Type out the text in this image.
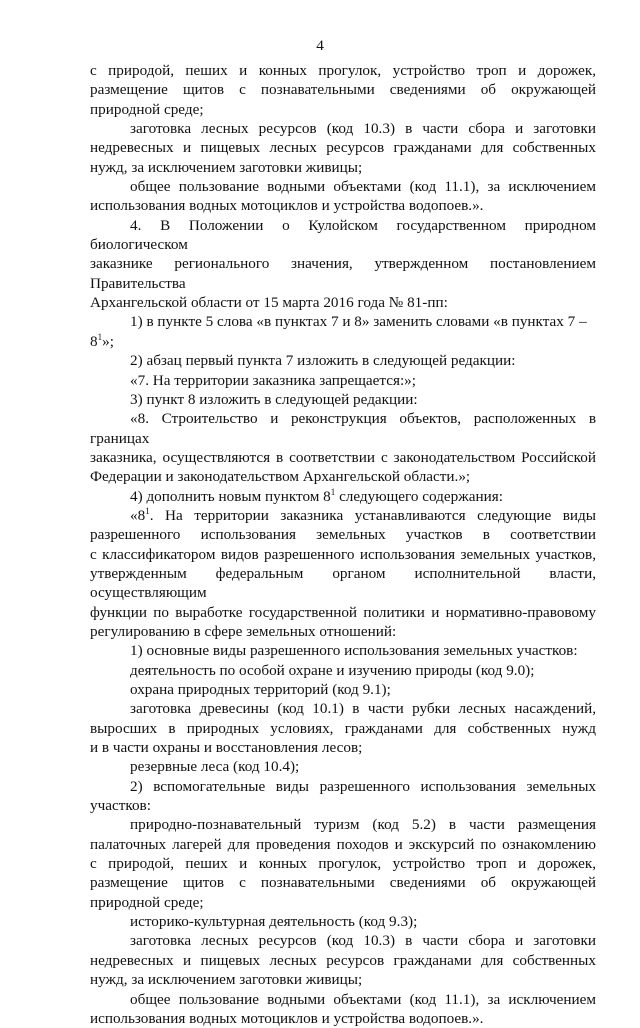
4
с природой, пеших и конных прогулок, устройство троп и дорожек,
размещение щитов с познавательными сведениями об окружающей
природной среде;
заготовка лесных ресурсов (код 10.3) в части сбора и заготовки
недревесных и пищевых лесных ресурсов гражданами для собственных
нужд, за исключением заготовки живицы;
общее пользование водными объектами (код 11.1), за исключением
использования водных мотоциклов и устройства водопоев.».
4. В Положении о Кулойском государственном природном биологическом
заказнике регионального значения, утвержденном постановлением Правительства
Архангельской области от 15 марта 2016 года № 81-пп:
1) в пункте 5 слова «в пунктах 7 и 8» заменить словами «в пунктах $7 - 8^1$»;
2) абзац первый пункта 7 изложить в следующей редакции:
«7. На территории заказника запрещается:»;
3) пункт 8 изложить в следующей редакции:
«8. Строительство и реконструкция объектов, расположенных в границах
заказника, осуществляются в соответствии с законодательством Российской
Федерации и законодательством Архангельской области.»;
4) дополнить новым пунктом $8^1$ следующего содержания:
«$8^1$. На территории заказника устанавливаются следующие виды
разрешенного использования земельных участков в соответствии
с классификатором видов разрешенного использования земельных участков,
утвержденным федеральным органом исполнительной власти, осуществляющим
функции по выработке государственной политики и нормативно-правовому
регулированию в сфере земельных отношений:
1) основные виды разрешенного использования земельных участков:
деятельность по особой охране и изучению природы (код 9.0);
охрана природных территорий (код 9.1);
заготовка древесины (код 10.1) в части рубки лесных насаждений,
выросших в природных условиях, гражданами для собственных нужд
и в части охраны и восстановления лесов;
резервные леса (код 10.4);
2) вспомогательные виды разрешенного использования земельных
участков:
природно-познавательный туризм (код 5.2) в части размещения
палаточных лагерей для проведения походов и экскурсий по ознакомлению
с природой, пеших и конных прогулок, устройство троп и дорожек,
размещение щитов с познавательными сведениями об окружающей
природной среде;
историко-культурная деятельность (код 9.3);
заготовка лесных ресурсов (код 10.3) в части сбора и заготовки
недревесных и пищевых лесных ресурсов гражданами для собственных
нужд, за исключением заготовки живицы;
общее пользование водными объектами (код 11.1), за исключением
использования водных мотоциклов и устройства водопоев.».
